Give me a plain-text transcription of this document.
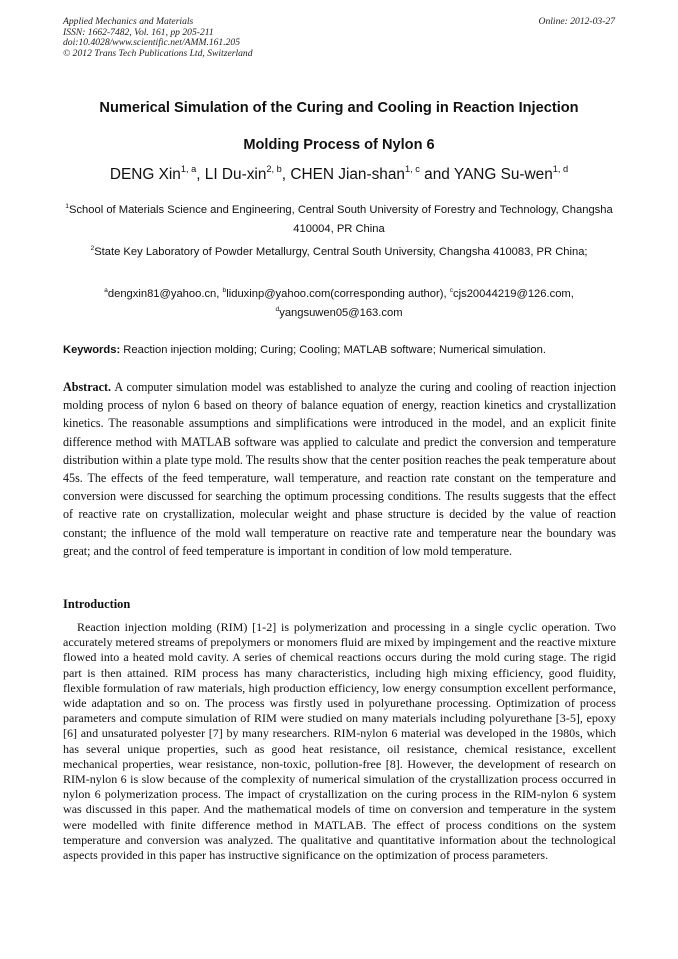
Applied Mechanics and Materials
ISSN: 1662-7482, Vol. 161, pp 205-211
doi:10.4028/www.scientific.net/AMM.161.205
© 2012 Trans Tech Publications Ltd, Switzerland
Online: 2012-03-27
Numerical Simulation of the Curing and Cooling in Reaction Injection
Molding Process of Nylon 6
DENG Xin$^{1, a}$, LI Du-xin$^{2, b}$, CHEN Jian-shan$^{1, c}$ and YANG Su-wen$^{1, d}$
$^1$School of Materials Science and Engineering, Central South University of Forestry and Technology, Changsha 410004, PR China
$^2$State Key Laboratory of Powder Metallurgy, Central South University, Changsha 410083, PR China;
$^a$dengxin81@yahoo.cn, $^b$liduxinp@yahoo.com(corresponding author), $^c$cjs20044219@126.com,
$^d$yangsuwen05@163.com
Keywords: Reaction injection molding; Curing; Cooling; MATLAB software; Numerical simulation.

Abstract. A computer simulation model was established to analyze the curing and cooling of reaction injection molding process of nylon 6 based on theory of balance equation of energy, reaction kinetics and crystallization kinetics. The reasonable assumptions and simplifications were introduced in the model, and an explicit finite difference method with MATLAB software was applied to calculate and predict the conversion and temperature distribution within a plate type mold. The results show that the center position reaches the peak temperature about 45s. The effects of the feed temperature, wall temperature, and reaction rate constant on the temperature and conversion were discussed for searching the optimum processing conditions. The results suggests that the effect of reactive rate on crystallization, molecular weight and phase structure is decided by the value of reaction constant; the influence of the mold wall temperature on reactive rate and temperature near the boundary was great; and the control of feed temperature is important in condition of low mold temperature.

Introduction

Reaction injection molding (RIM) [1-2] is polymerization and processing in a single cyclic operation. Two accurately metered streams of prepolymers or monomers fluid are mixed by impingement and the reactive mixture flowed into a heated mold cavity. A series of chemical reactions occurs during the mold curing stage. The rigid part is then attained. RIM process has many characteristics, including high mixing efficiency, good fluidity, flexible formulation of raw materials, high production efficiency, low energy consumption excellent performance, wide adaptation and so on. The process was firstly used in polyurethane processing. Optimization of process parameters and compute simulation of RIM were studied on many materials including polyurethane [3-5], epoxy [6] and unsaturated polyester [7] by many researchers. RIM-nylon 6 material was developed in the 1980s, which has several unique properties, such as good heat resistance, oil resistance, chemical resistance, excellent mechanical properties, wear resistance, non-toxic, pollution-free [8]. However, the development of research on RIM-nylon 6 is slow because of the complexity of numerical simulation of the crystallization process occurred in nylon 6 polymerization process. The impact of crystallization on the curing process in the RIM-nylon 6 system was discussed in this paper. And the mathematical models of time on conversion and temperature in the system were modelled with finite difference method in MATLAB. The effect of process conditions on the system temperature and conversion was analyzed. The qualitative and quantitative information about the technological aspects provided in this paper has instructive significance on the optimization of process parameters.
